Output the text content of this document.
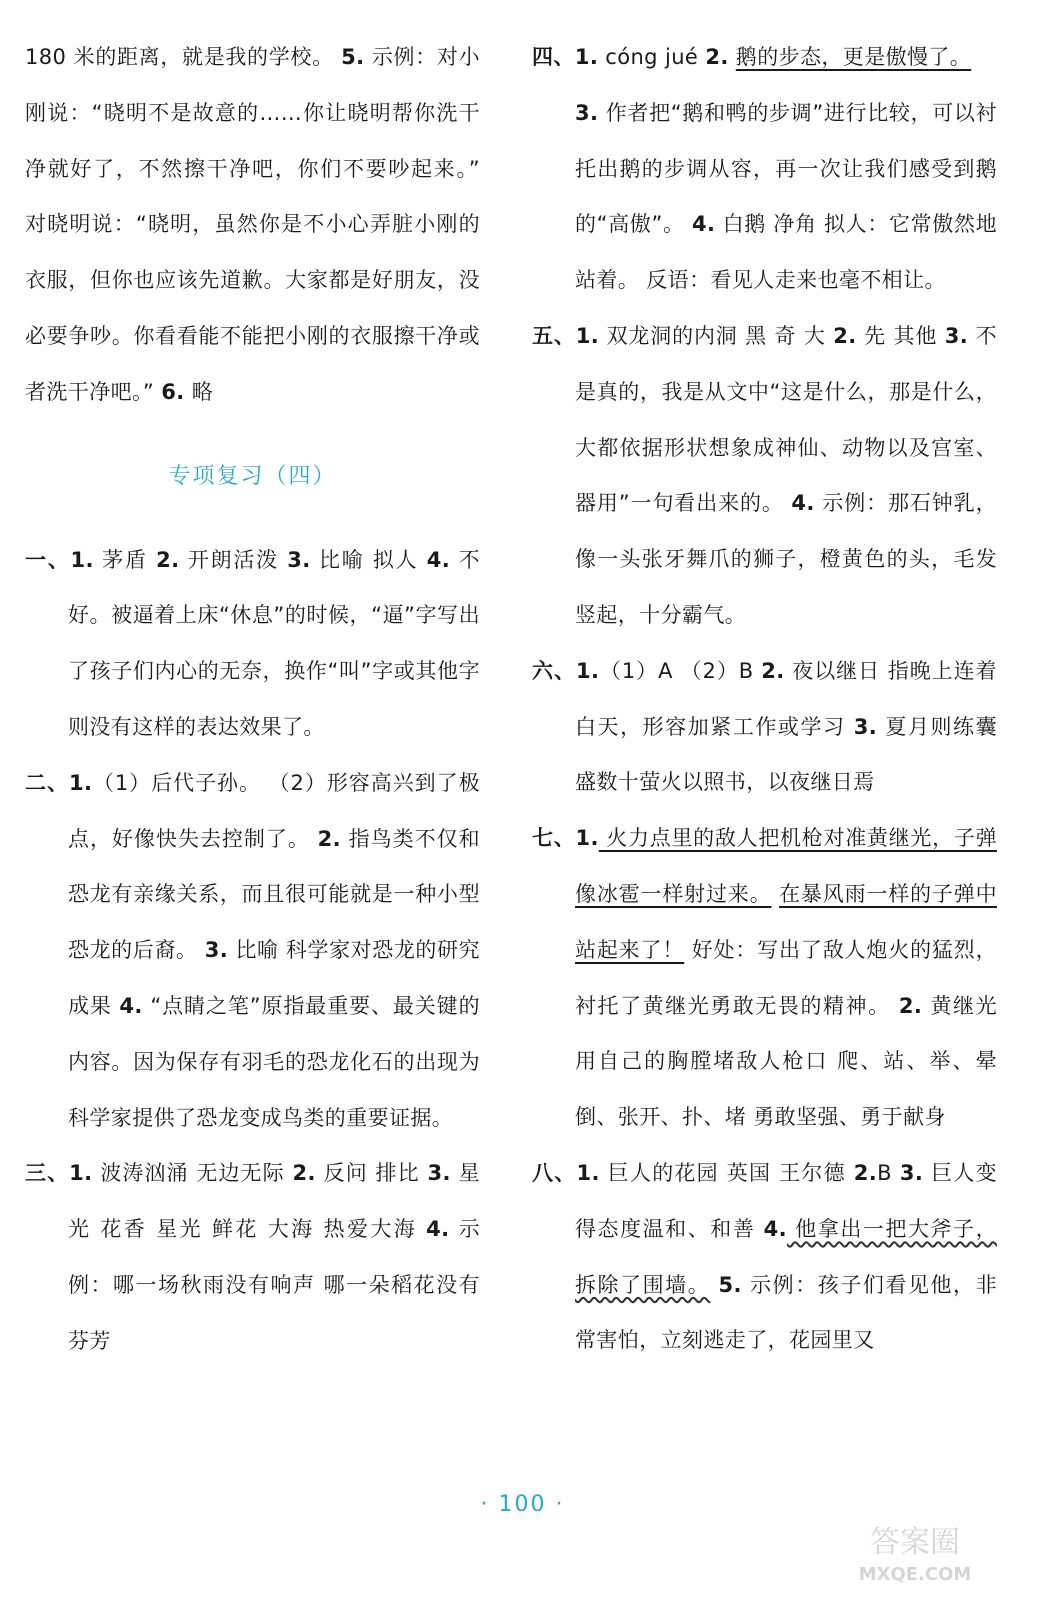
180 米的距离，就是我的学校。 5. 示例：对小刚说：“晓明不是故意的……你让晓明帮你洗干净就好了，不然擦干净吧，你们不要吵起来。” 对晓明说：“晓明，虽然你是不小心弄脏小刚的衣服，但你也应该先道歉。大家都是好朋友，没必要争吵。你看看能不能把小刚的衣服擦干净或者洗干净吧。” 6. 略

专项复习（四）

一、1. 茅盾 2. 开朗活泼 3. 比喻 拟人 4. 不好。被逼着上床“休息”的时候，“逼”字写出了孩子们内心的无奈，换作“叫”字或其他字则没有这样的表达效果了。

二、1.（1）后代子孙。 （2）形容高兴到了极点，好像快失去控制了。 2. 指鸟类不仅和恐龙有亲缘关系，而且很可能就是一种小型恐龙的后裔。 3. 比喻 科学家对恐龙的研究成果 4. “点睛之笔”原指最重要、最关键的内容。因为保存有羽毛的恐龙化石的出现为科学家提供了恐龙变成鸟类的重要证据。

三、1. 波涛汹涌 无边无际 2. 反问 排比 3. 星光 花香 星光 鲜花 大海 热爱大海 4. 示例：哪一场秋雨没有响声 哪一朵稻花没有芬芳

四、1. cóng jué 2. 鹅的步态，更是傲慢了。
3. 作者把“鹅和鸭的步调”进行比较，可以衬托出鹅的步调从容，再一次让我们感受到鹅的“高傲”。 4. 白鹅 净角 拟人：它常傲然地站着。 反语：看见人走来也毫不相让。

五、1. 双龙洞的内洞 黑 奇 大 2. 先 其他 3. 不是真的，我是从文中“这是什么，那是什么，大都依据形状想象成神仙、动物以及宫室、器用”一句看出来的。 4. 示例：那石钟乳，像一头张牙舞爪的狮子，橙黄色的头，毛发竖起，十分霸气。

六、1.（1）A （2）B 2. 夜以继日 指晚上连着白天，形容加紧工作或学习 3. 夏月则练囊盛数十萤火以照书，以夜继日焉

七、1. 火力点里的敌人把机枪对准黄继光，子弹像冰雹一样射过来。 在暴风雨一样的子弹中站起来了！ 好处：写出了敌人炮火的猛烈，衬托了黄继光勇敢无畏的精神。 2. 黄继光用自己的胸膛堵敌人枪口 爬、站、举、晕倒、张开、扑、堵 勇敢坚强、勇于献身

八、1. 巨人的花园 英国 王尔德 2.B 3. 巨人变得态度温和、和善 4. 他拿出一把大斧子，拆除了围墙。 5. 示例：孩子们看见他，非常害怕，立刻逃走了，花园里又

· 100 ·
答案圈
MXQE.COM
